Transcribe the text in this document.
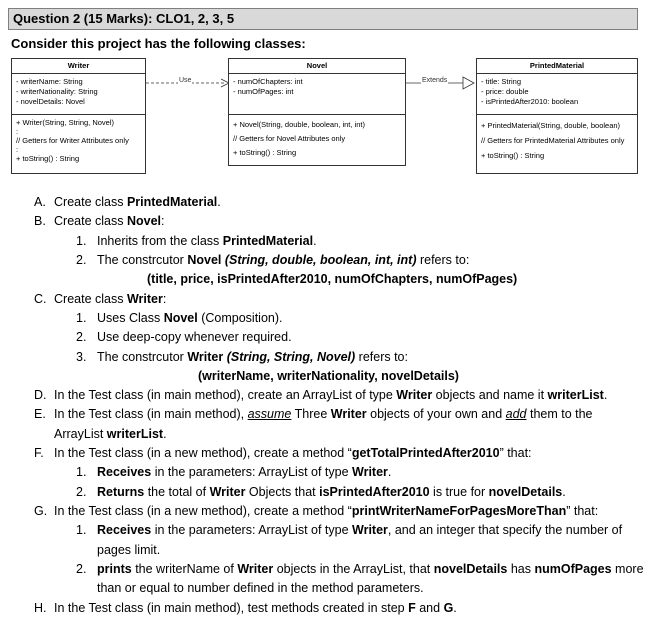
Question 2 (15 Marks): CLO1, 2, 3, 5
Consider this project has the following classes:
Use	Extends
Writer
- writerName: String
- writerNationality: String
- novelDetails: Novel
+ Writer(String, String, Novel)
:
// Getters for Writer Attributes only
:
+ toString() : String
Novel
- numOfChapters: int
- numOfPages: int
+ Novel(String, double, boolean, int, int)
// Getters for Novel Attributes only
+ toString() : String
PrintedMaterial
- title: String
- price: double
- isPrintedAfter2010: boolean
+ PrintedMaterial(String, double, boolean)
// Getters for PrintedMaterial Attributes only
+ toString() : String
A. Create class PrintedMaterial.
B. Create class Novel:
1. Inherits from the class PrintedMaterial.
2. The constrcutor Novel (String, double, boolean, int, int) refers to:
(title, price, isPrintedAfter2010, numOfChapters, numOfPages)
C. Create class Writer:
1. Uses Class Novel (Composition).
2. Use deep-copy whenever required.
3. The constrcutor Writer (String, String, Novel) refers to:
(writerName, writerNationality, novelDetails)
D. In the Test class (in main method), create an ArrayList of type Writer objects and name it writerList.
E. In the Test class (in main method), assume Three Writer objects of your own and add them to the
ArrayList writerList.
F. In the Test class (in a new method), create a method “getTotalPrintedAfter2010” that:
1. Receives in the parameters: ArrayList of type Writer.
2. Returns the total of Writer Objects that isPrintedAfter2010 is true for novelDetails.
G. In the Test class (in a new method), create a method “printWriterNameForPagesMoreThan” that:
1. Receives in the parameters: ArrayList of type Writer, and an integer that specify the number of
pages limit.
2. prints the writerName of Writer objects in the ArrayList, that novelDetails has numOfPages more
than or equal to number defined in the method parameters.
H. In the Test class (in main method), test methods created in step F and G.
